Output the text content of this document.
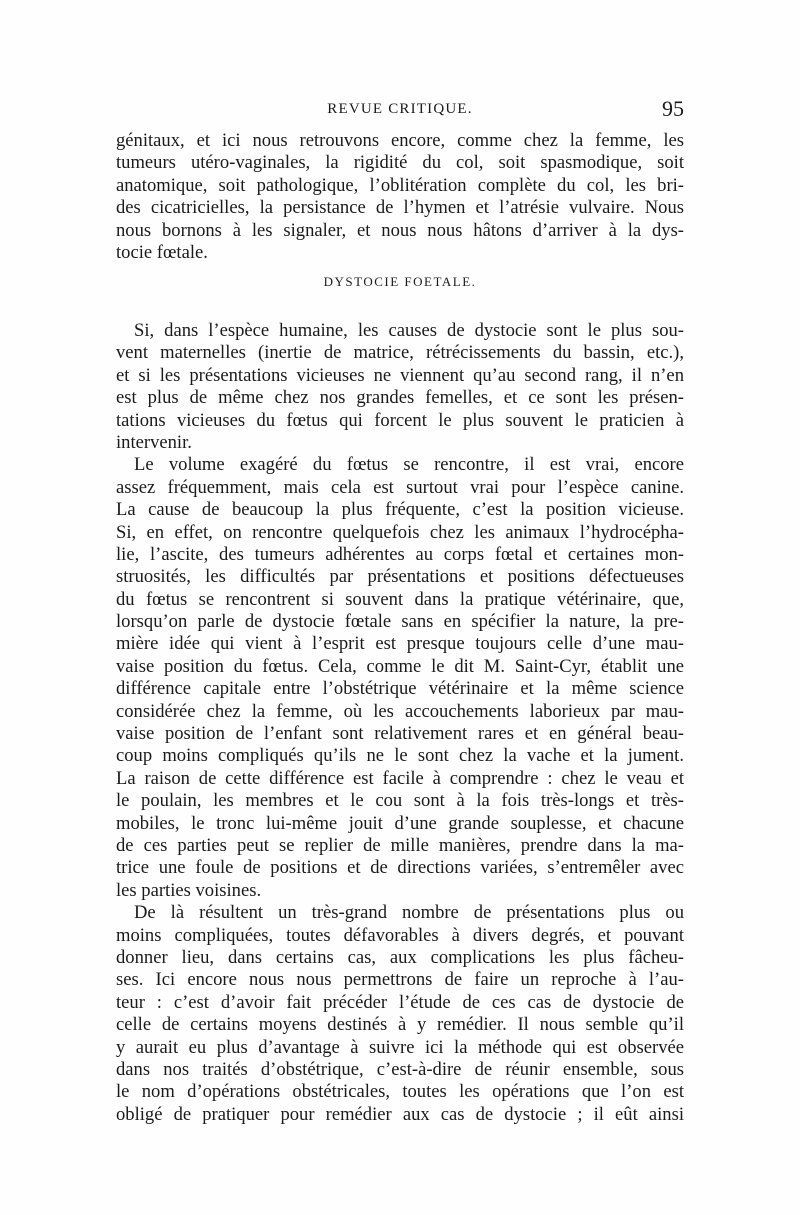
REVUE CRITIQUE.	95
génitaux, et ici nous retrouvons encore, comme chez la femme, les
tumeurs utéro-vaginales, la rigidité du col, soit spasmodique, soit
anatomique, soit pathologique, l’oblitération complète du col, les bri-
des cicatricielles, la persistance de l’hymen et l’atrésie vulvaire. Nous
nous bornons à les signaler, et nous nous hâtons d’arriver à la dys-
tocie fœtale.
DYSTOCIE FOETALE.
Si, dans l’espèce humaine, les causes de dystocie sont le plus sou-
vent maternelles (inertie de matrice, rétrécissements du bassin, etc.),
et si les présentations vicieuses ne viennent qu’au second rang, il n’en
est plus de même chez nos grandes femelles, et ce sont les présen-
tations vicieuses du fœtus qui forcent le plus souvent le praticien à
intervenir.
Le volume exagéré du fœtus se rencontre, il est vrai, encore
assez fréquemment, mais cela est surtout vrai pour l’espèce canine.
La cause de beaucoup la plus fréquente, c’est la position vicieuse.
Si, en effet, on rencontre quelquefois chez les animaux l’hydrocépha-
lie, l’ascite, des tumeurs adhérentes au corps fœtal et certaines mon-
struosités, les difficultés par présentations et positions défectueuses
du fœtus se rencontrent si souvent dans la pratique vétérinaire, que,
lorsqu’on parle de dystocie fœtale sans en spécifier la nature, la pre-
mière idée qui vient à l’esprit est presque toujours celle d’une mau-
vaise position du fœtus. Cela, comme le dit M. Saint-Cyr, établit une
différence capitale entre l’obstétrique vétérinaire et la même science
considérée chez la femme, où les accouchements laborieux par mau-
vaise position de l’enfant sont relativement rares et en général beau-
coup moins compliqués qu’ils ne le sont chez la vache et la jument.
La raison de cette différence est facile à comprendre : chez le veau et
le poulain, les membres et le cou sont à la fois très-longs et très-
mobiles, le tronc lui-même jouit d’une grande souplesse, et chacune
de ces parties peut se replier de mille manières, prendre dans la ma-
trice une foule de positions et de directions variées, s’entremêler avec
les parties voisines.
De là résultent un très-grand nombre de présentations plus ou
moins compliquées, toutes défavorables à divers degrés, et pouvant
donner lieu, dans certains cas, aux complications les plus fâcheu-
ses. Ici encore nous nous permettrons de faire un reproche à l’au-
teur : c’est d’avoir fait précéder l’étude de ces cas de dystocie de
celle de certains moyens destinés à y remédier. Il nous semble qu’il
y aurait eu plus d’avantage à suivre ici la méthode qui est observée
dans nos traités d’obstétrique, c’est-à-dire de réunir ensemble, sous
le nom d’opérations obstétricales, toutes les opérations que l’on est
obligé de pratiquer pour remédier aux cas de dystocie ; il eût ainsi
